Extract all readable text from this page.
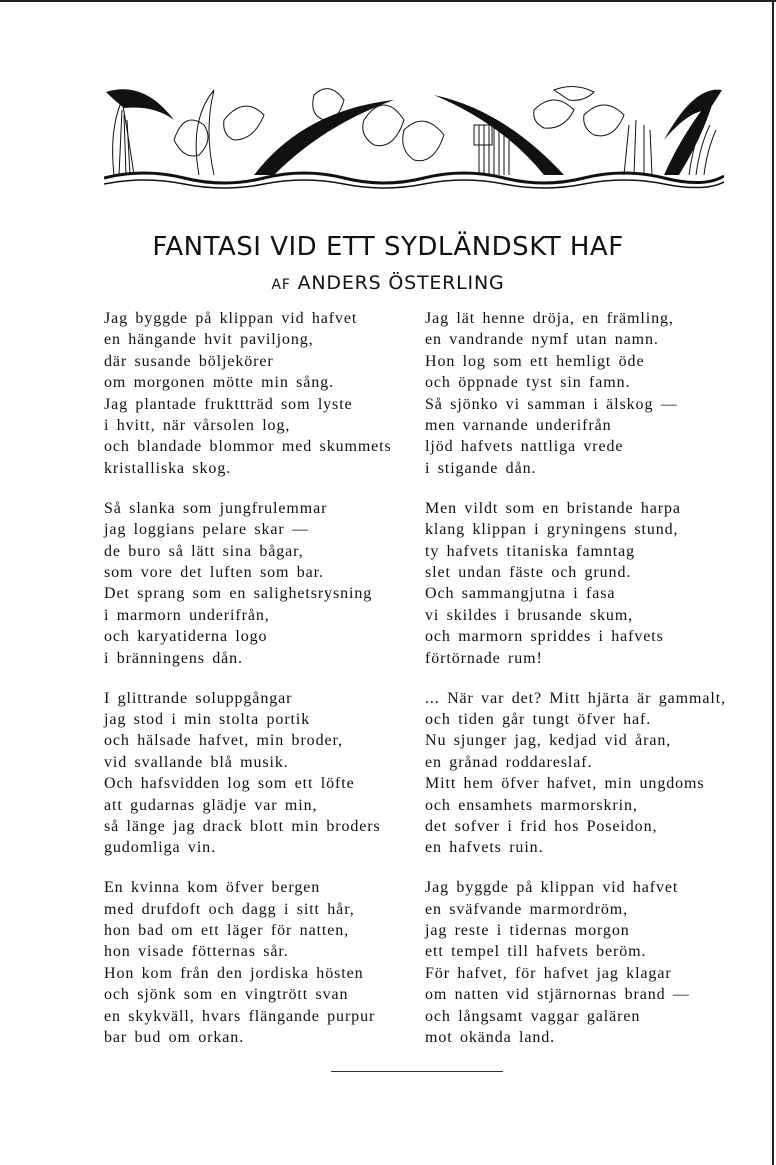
FANTASI VID ETT SYDLÄNDSKT HAF
AF ANDERS ÖSTERLING
Jag byggde på klippan vid hafvet
en hängande hvit paviljong,
där susande böljekörer
om morgonen mötte min sång.
Jag plantade frukttträd som lyste
i hvitt, när vårsolen log,
och blandade blommor med skummets
kristalliska skog.
Så slanka som jungfrulemmar
jag loggians pelare skar —
de buro så lätt sina bågar,
som vore det luften som bar.
Det sprang som en salighetsrysning
i marmorn underifrån,
och karyatiderna logo
i bränningens dån.
I glittrande soluppgångar
jag stod i min stolta portik
och hälsade hafvet, min broder,
vid svallande blå musik.
Och hafsvidden log som ett löfte
att gudarnas glädje var min,
så länge jag drack blott min broders
gudomliga vin.
En kvinna kom öfver bergen
med drufdoft och dagg i sitt hår,
hon bad om ett läger för natten,
hon visade fötternas sår.
Hon kom från den jordiska hösten
och sjönk som en vingtrött svan
en skykväll, hvars flängande purpur
bar bud om orkan.
Jag lät henne dröja, en främling,
en vandrande nymf utan namn.
Hon log som ett hemligt öde
och öppnade tyst sin famn.
Så sjönko vi samman i älskog —
men varnande underifrån
ljöd hafvets nattliga vrede
i stigande dån.
Men vildt som en bristande harpa
klang klippan i gryningens stund,
ty hafvets titaniska famntag
slet undan fäste och grund.
Och sammangjutna i fasa
vi skildes i brusande skum,
och marmorn spriddes i hafvets
förtörnade rum!
... När var det? Mitt hjärta är gammalt,
och tiden går tungt öfver haf.
Nu sjunger jag, kedjad vid åran,
en grånad roddareslaf.
Mitt hem öfver hafvet, min ungdoms
och ensamhets marmorskrin,
det sofver i frid hos Poseidon,
en hafvets ruin.
Jag byggde på klippan vid hafvet
en sväfvande marmordröm,
jag reste i tidernas morgon
ett tempel till hafvets beröm.
För hafvet, för hafvet jag klagar
om natten vid stjärnornas brand —
och långsamt vaggar galären
mot okända land.
